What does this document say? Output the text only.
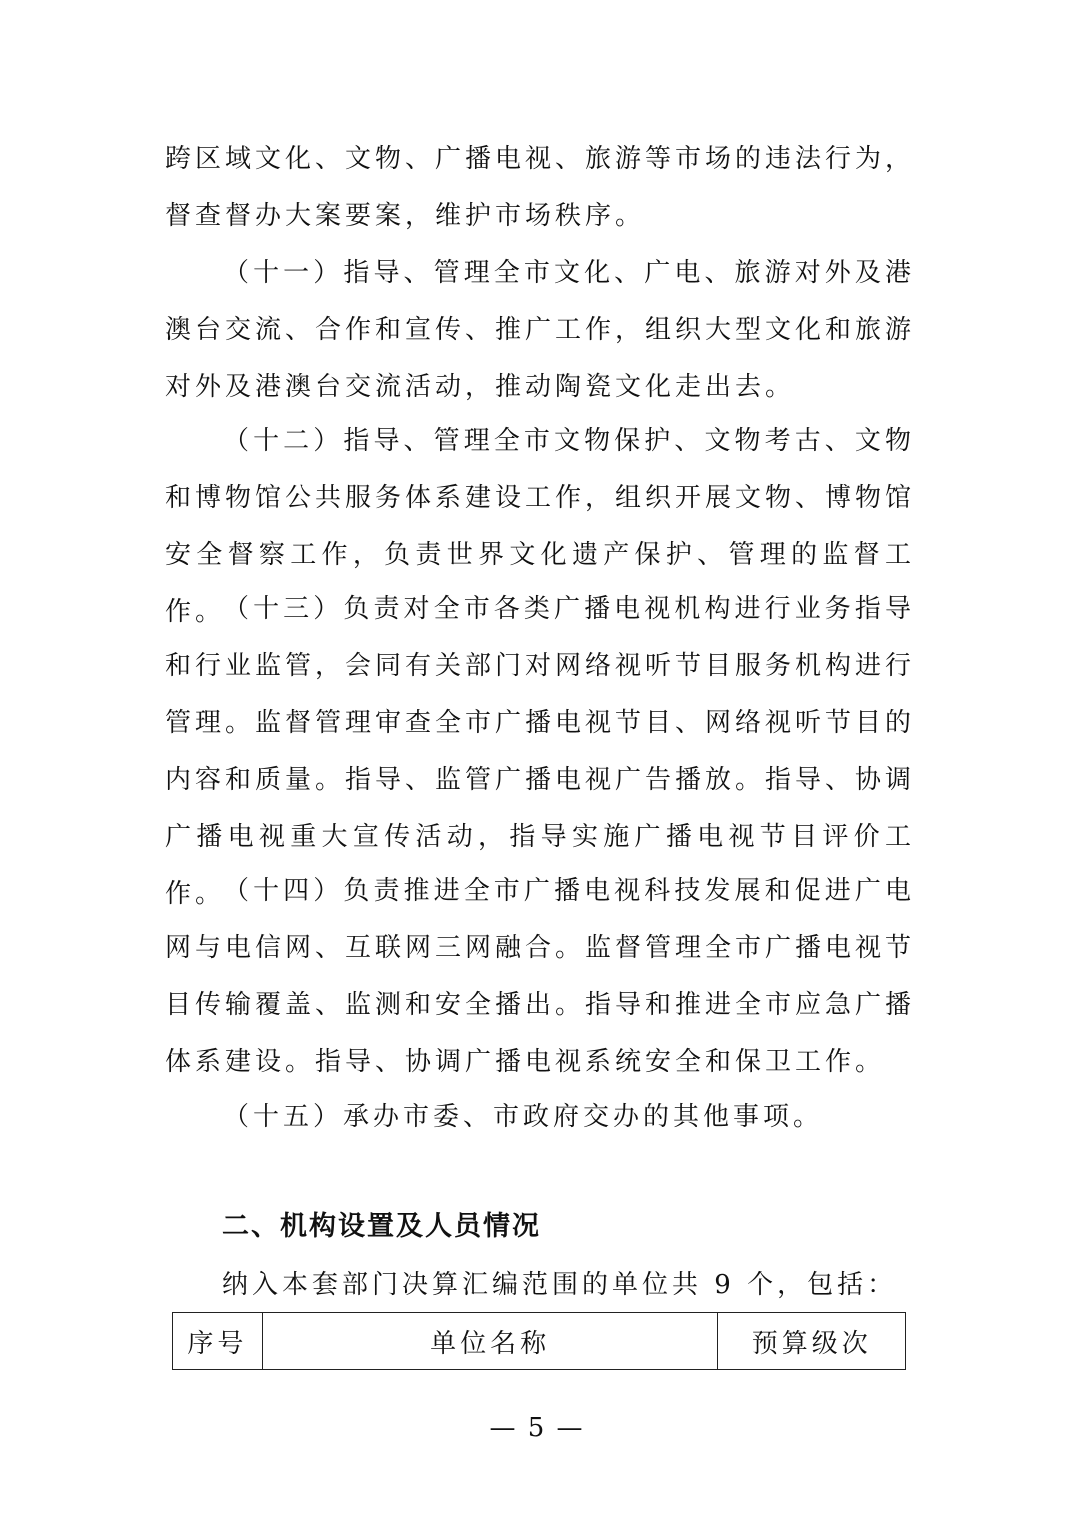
跨区域文化、文物、广播电视、旅游等市场的违法行为，督查督办大案要案，维护市场秩序。

（十一）指导、管理全市文化、广电、旅游对外及港澳台交流、合作和宣传、推广工作，组织大型文化和旅游对外及港澳台交流活动，推动陶瓷文化走出去。

（十二）指导、管理全市文物保护、文物考古、文物和博物馆公共服务体系建设工作，组织开展文物、博物馆安全督察工作，负责世界文化遗产保护、管理的监督工作。

（十三）负责对全市各类广播电视机构进行业务指导和行业监管，会同有关部门对网络视听节目服务机构进行管理。监督管理审查全市广播电视节目、网络视听节目的内容和质量。指导、监管广播电视广告播放。指导、协调广播电视重大宣传活动，指导实施广播电视节目评价工作。

（十四）负责推进全市广播电视科技发展和促进广电网与电信网、互联网三网融合。监督管理全市广播电视节目传输覆盖、监测和安全播出。指导和推进全市应急广播体系建设。指导、协调广播电视系统安全和保卫工作。

（十五）承办市委、市政府交办的其他事项。

二、机构设置及人员情况

纳入本套部门决算汇编范围的单位共 9 个，包括：

序号	单位名称	预算级次
— 5 —
